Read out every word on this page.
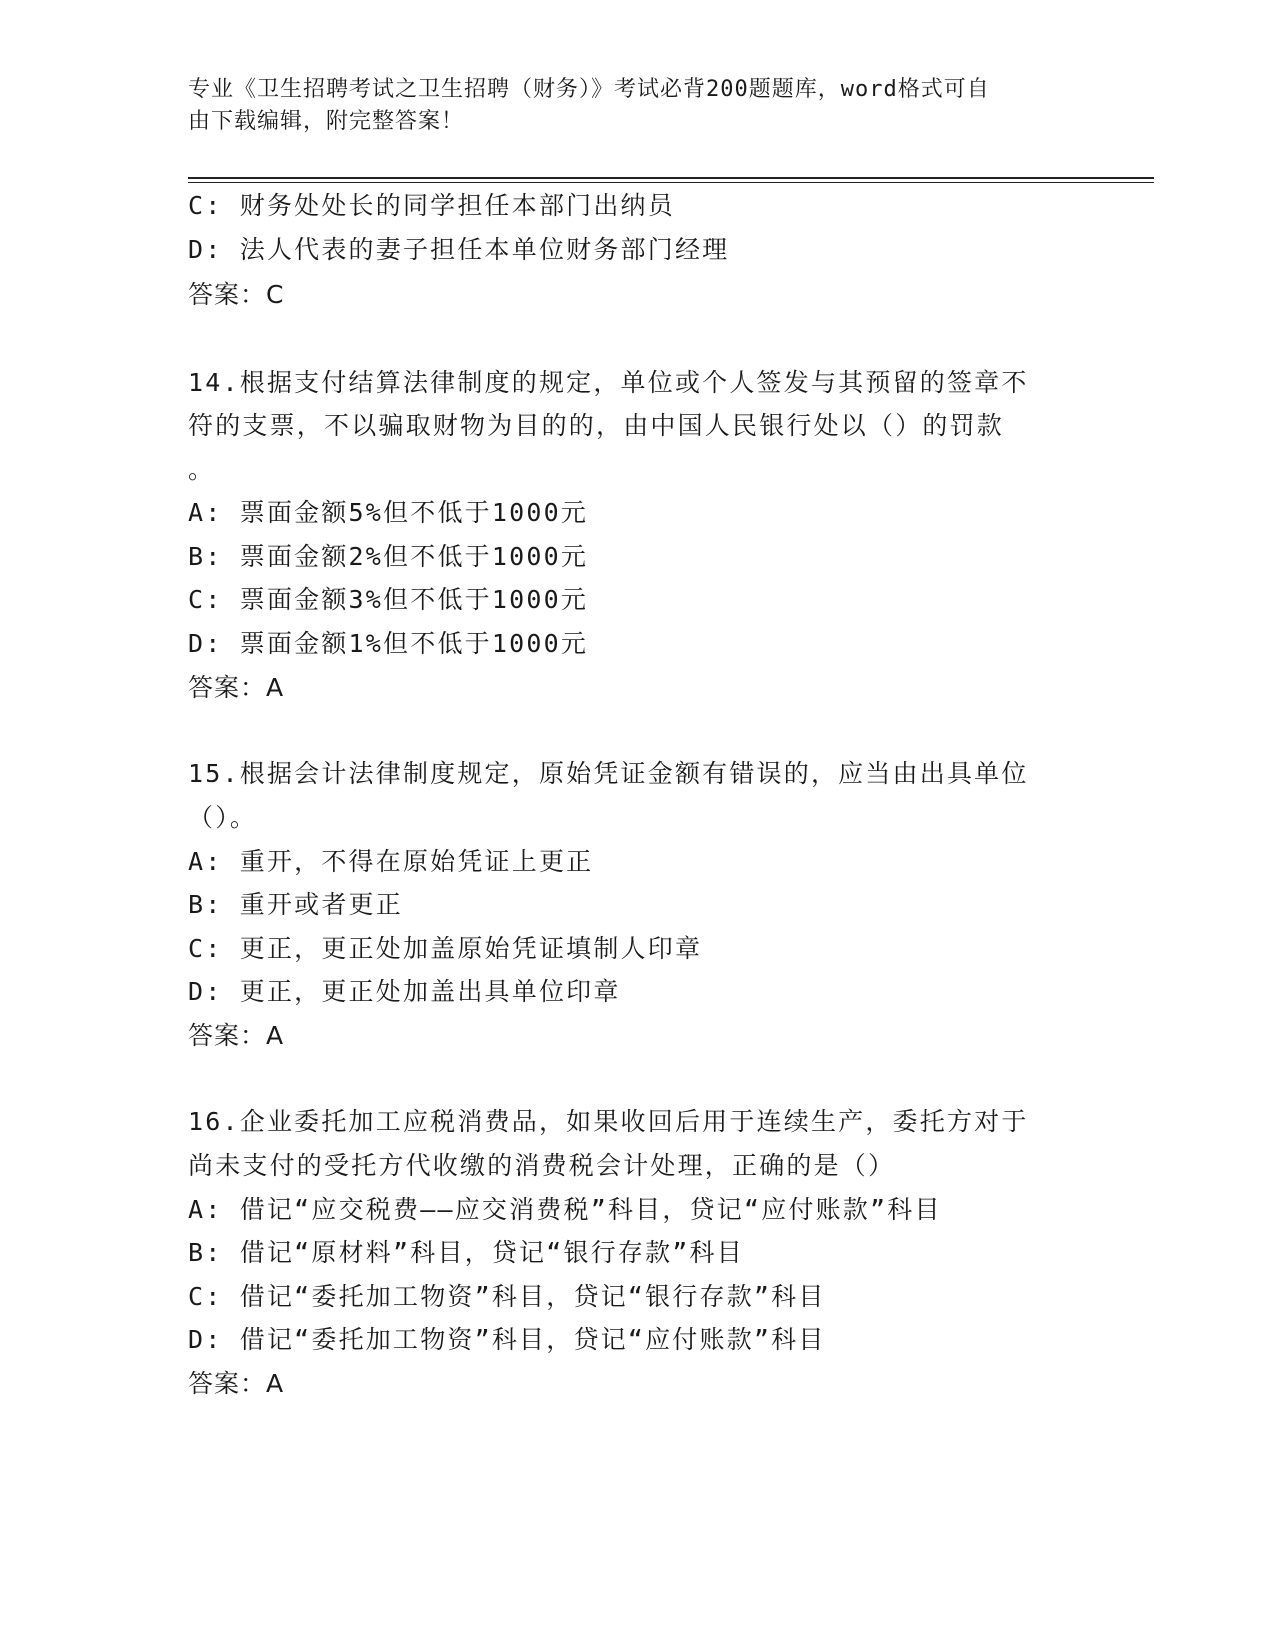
专业《卫生招聘考试之卫生招聘（财务）》考试必背200题题库，word格式可自
由下载编辑，附完整答案！
C: 财务处处长的同学担任本部门出纳员
D: 法人代表的妻子担任本单位财务部门经理
答案：C
14.根据支付结算法律制度的规定，单位或个人签发与其预留的签章不
符的支票，不以骗取财物为目的的，由中国人民银行处以（）的罚款
。
A: 票面金额5%但不低于1000元
B: 票面金额2%但不低于1000元
C: 票面金额3%但不低于1000元
D: 票面金额1%但不低于1000元
答案：A
15.根据会计法律制度规定，原始凭证金额有错误的，应当由出具单位
（）。
A: 重开，不得在原始凭证上更正
B: 重开或者更正
C: 更正，更正处加盖原始凭证填制人印章
D: 更正，更正处加盖出具单位印章
答案：A
16.企业委托加工应税消费品，如果收回后用于连续生产，委托方对于
尚未支付的受托方代收缴的消费税会计处理，正确的是（）
A: 借记“应交税费——应交消费税”科目，贷记“应付账款”科目
B: 借记“原材料”科目，贷记“银行存款”科目
C: 借记“委托加工物资”科目，贷记“银行存款”科目
D: 借记“委托加工物资”科目，贷记“应付账款”科目
答案：A
